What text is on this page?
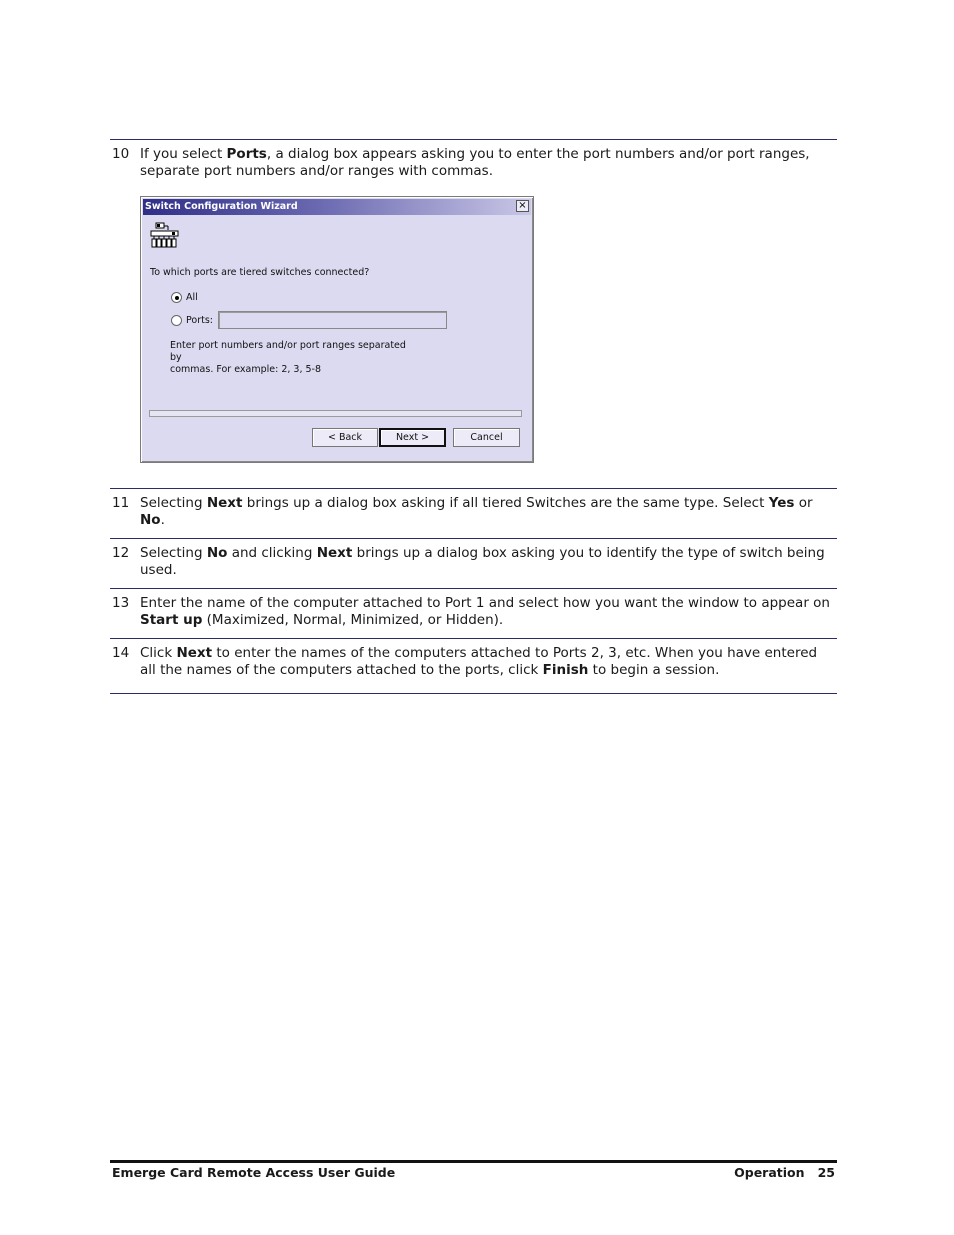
10 If you select Ports, a dialog box appears asking you to enter the port numbers and/or port ranges, separate port numbers and/or ranges with commas.
Switch Configuration Wizard	×
To which ports are tiered switches connected?
All
Ports:
Enter port numbers and/or port ranges separated by
commas. For example: 2, 3, 5-8
< Back	Next >	Cancel
11 Selecting Next brings up a dialog box asking if all tiered Switches are the same type. Select Yes or No.
12 Selecting No and clicking Next brings up a dialog box asking you to identify the type of switch being used.
13 Enter the name of the computer attached to Port 1 and select how you want the window to appear on Start up (Maximized, Normal, Minimized, or Hidden).
14 Click Next to enter the names of the computers attached to Ports 2, 3, etc. When you have entered all the names of the computers attached to the ports, click Finish to begin a session.
Emerge Card Remote Access User Guide	Operation 25
